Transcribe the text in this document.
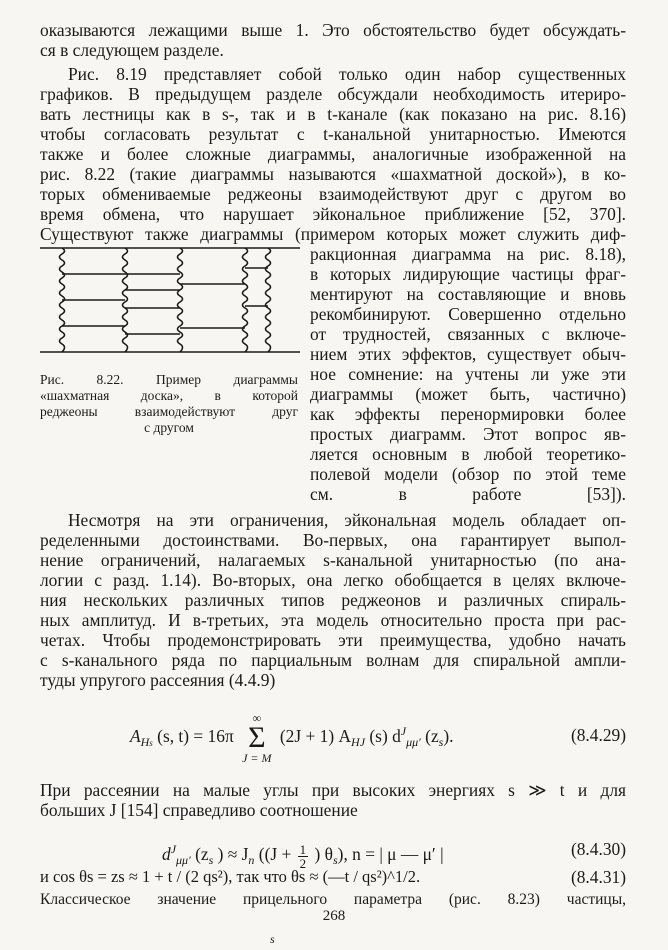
оказываются лежащими выше 1. Это обстоятельство будет обсуждать-
ся в следующем разделе.
Рис. 8.19 представляет собой только один набор существенных
графиков. В предыдущем разделе обсуждали необходимость итериро-
вать лестницы как в s-, так и в t-канале (как показано на рис. 8.16)
чтобы согласовать результат с t-канальной унитарностью. Имеются
также и более сложные диаграммы, аналогичные изображенной на
рис. 8.22 (такие диаграммы называются «шахматной доской»), в ко-
торых обмениваемые реджеоны взаимодействуют друг с другом во
время обмена, что нарушает эйкональное приближение [52, 370].
Существуют также диаграммы (примером которых может служить диф-
ракционная диаграмма на рис. 8.18),
в которых лидирующие частицы фраг-
ментируют на составляющие и вновь
рекомбинируют. Совершенно отдельно
от трудностей, связанных с включе-
нием этих эффектов, существует обыч-
ное сомнение: на учтены ли уже эти
диаграммы (может быть, частично)
как эффекты перенормировки более
простых диаграмм. Этот вопрос яв-
ляется основным в любой теоретико-
полевой модели (обзор по этой теме
см. в работе [53]).
Рис. 8.22. Пример диаграммы
«шахматная доска», в которой
реджеоны взаимодействуют друг
с другом
Несмотря на эти ограничения, эйкональная модель обладает оп-
ределенными достоинствами. Во-первых, она гарантирует выпол-
нение ограничений, налагаемых s-канальной унитарностью (по ана-
логии с разд. 1.14). Во-вторых, она легко обобщается в целях включе-
ния нескольких различных типов реджеонов и различных спираль-
ных амплитуд. И в-третьих, эта модель относительно проста при рас-
четах. Чтобы продемонстрировать эти преимущества, удобно начать
с s-канального ряда по парциальным волнам для спиральной ампли-
туды упругого рассеяния (4.4.9)
$A_{Hs}$ (s, t) = 16π
∞
Σ
J = M
(2J + 1) $A_{HJ}$ (s) $d^J_{\mu\mu'}$ $(z_s)$.	(8.4.29)
При рассеянии на малые углы при высоких энергиях s ≫ t и для
больших J [154] справедливо соотношение
$d^J_{\mu\mu'}$ ($z_s$ ) ≈ $J_n$ (($J + \frac{1}{2}$ ) $\theta_s$), n = | μ — μ′ |	(8.4.30)
и cos θs = zs ≈ 1 + t / (2 qs²), так что θs ≈ (—t / qs²)^1/2.	(8.4.31)
Классическое значение прицельного параметра (рис. 8.23) частицы,
268
$_s$
